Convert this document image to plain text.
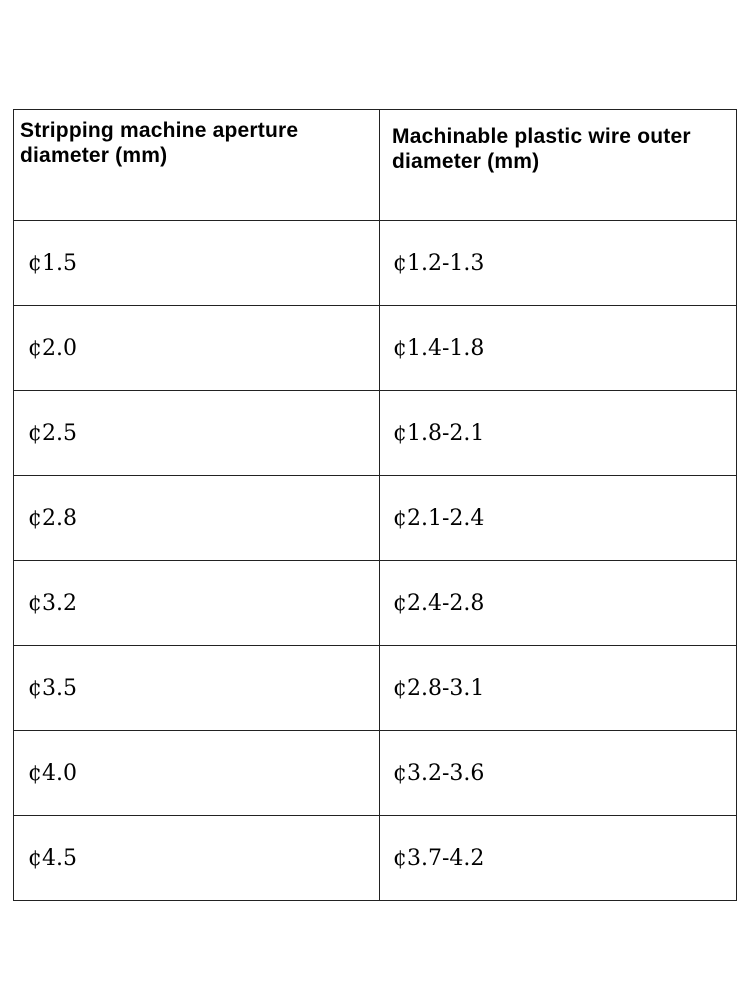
Stripping machine aperture diameter (mm)	Machinable plastic wire outer diameter (mm)
¢1.5	¢1.2-1.3
¢2.0	¢1.4-1.8
¢2.5	¢1.8-2.1
¢2.8	¢2.1-2.4
¢3.2	¢2.4-2.8
¢3.5	¢2.8-3.1
¢4.0	¢3.2-3.6
¢4.5	¢3.7-4.2
